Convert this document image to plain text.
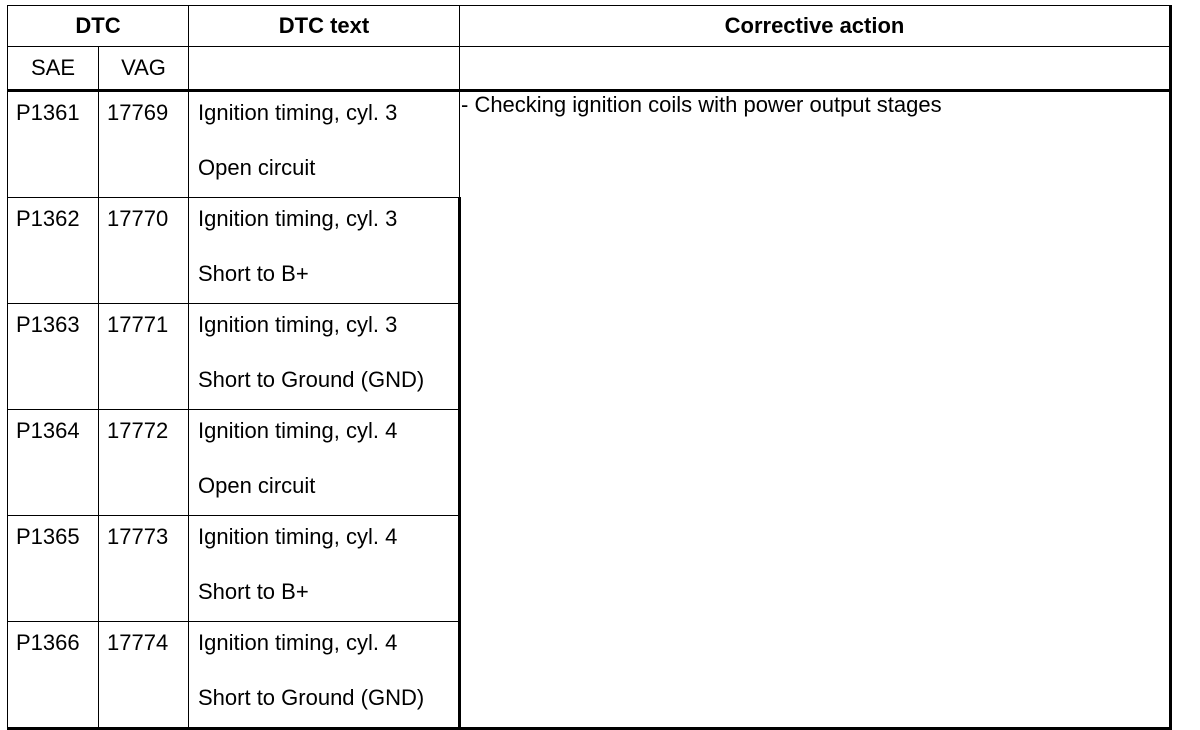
DTC		DTC text	Corrective action
SAE	VAG		
P1361	17769	Ignition timing, cyl. 3
Open circuit	- Checking ignition coils with power output stages
P1362	17770	Ignition timing, cyl. 3
Short to B+	

P1363	17771	Ignition timing, cyl. 3
Short to Ground (GND)	

P1364	17772	Ignition timing, cyl. 4
Open circuit	

P1365	17773	Ignition timing, cyl. 4
Short to B+	

P1366	17774	Ignition timing, cyl. 4
Short to Ground (GND)	
